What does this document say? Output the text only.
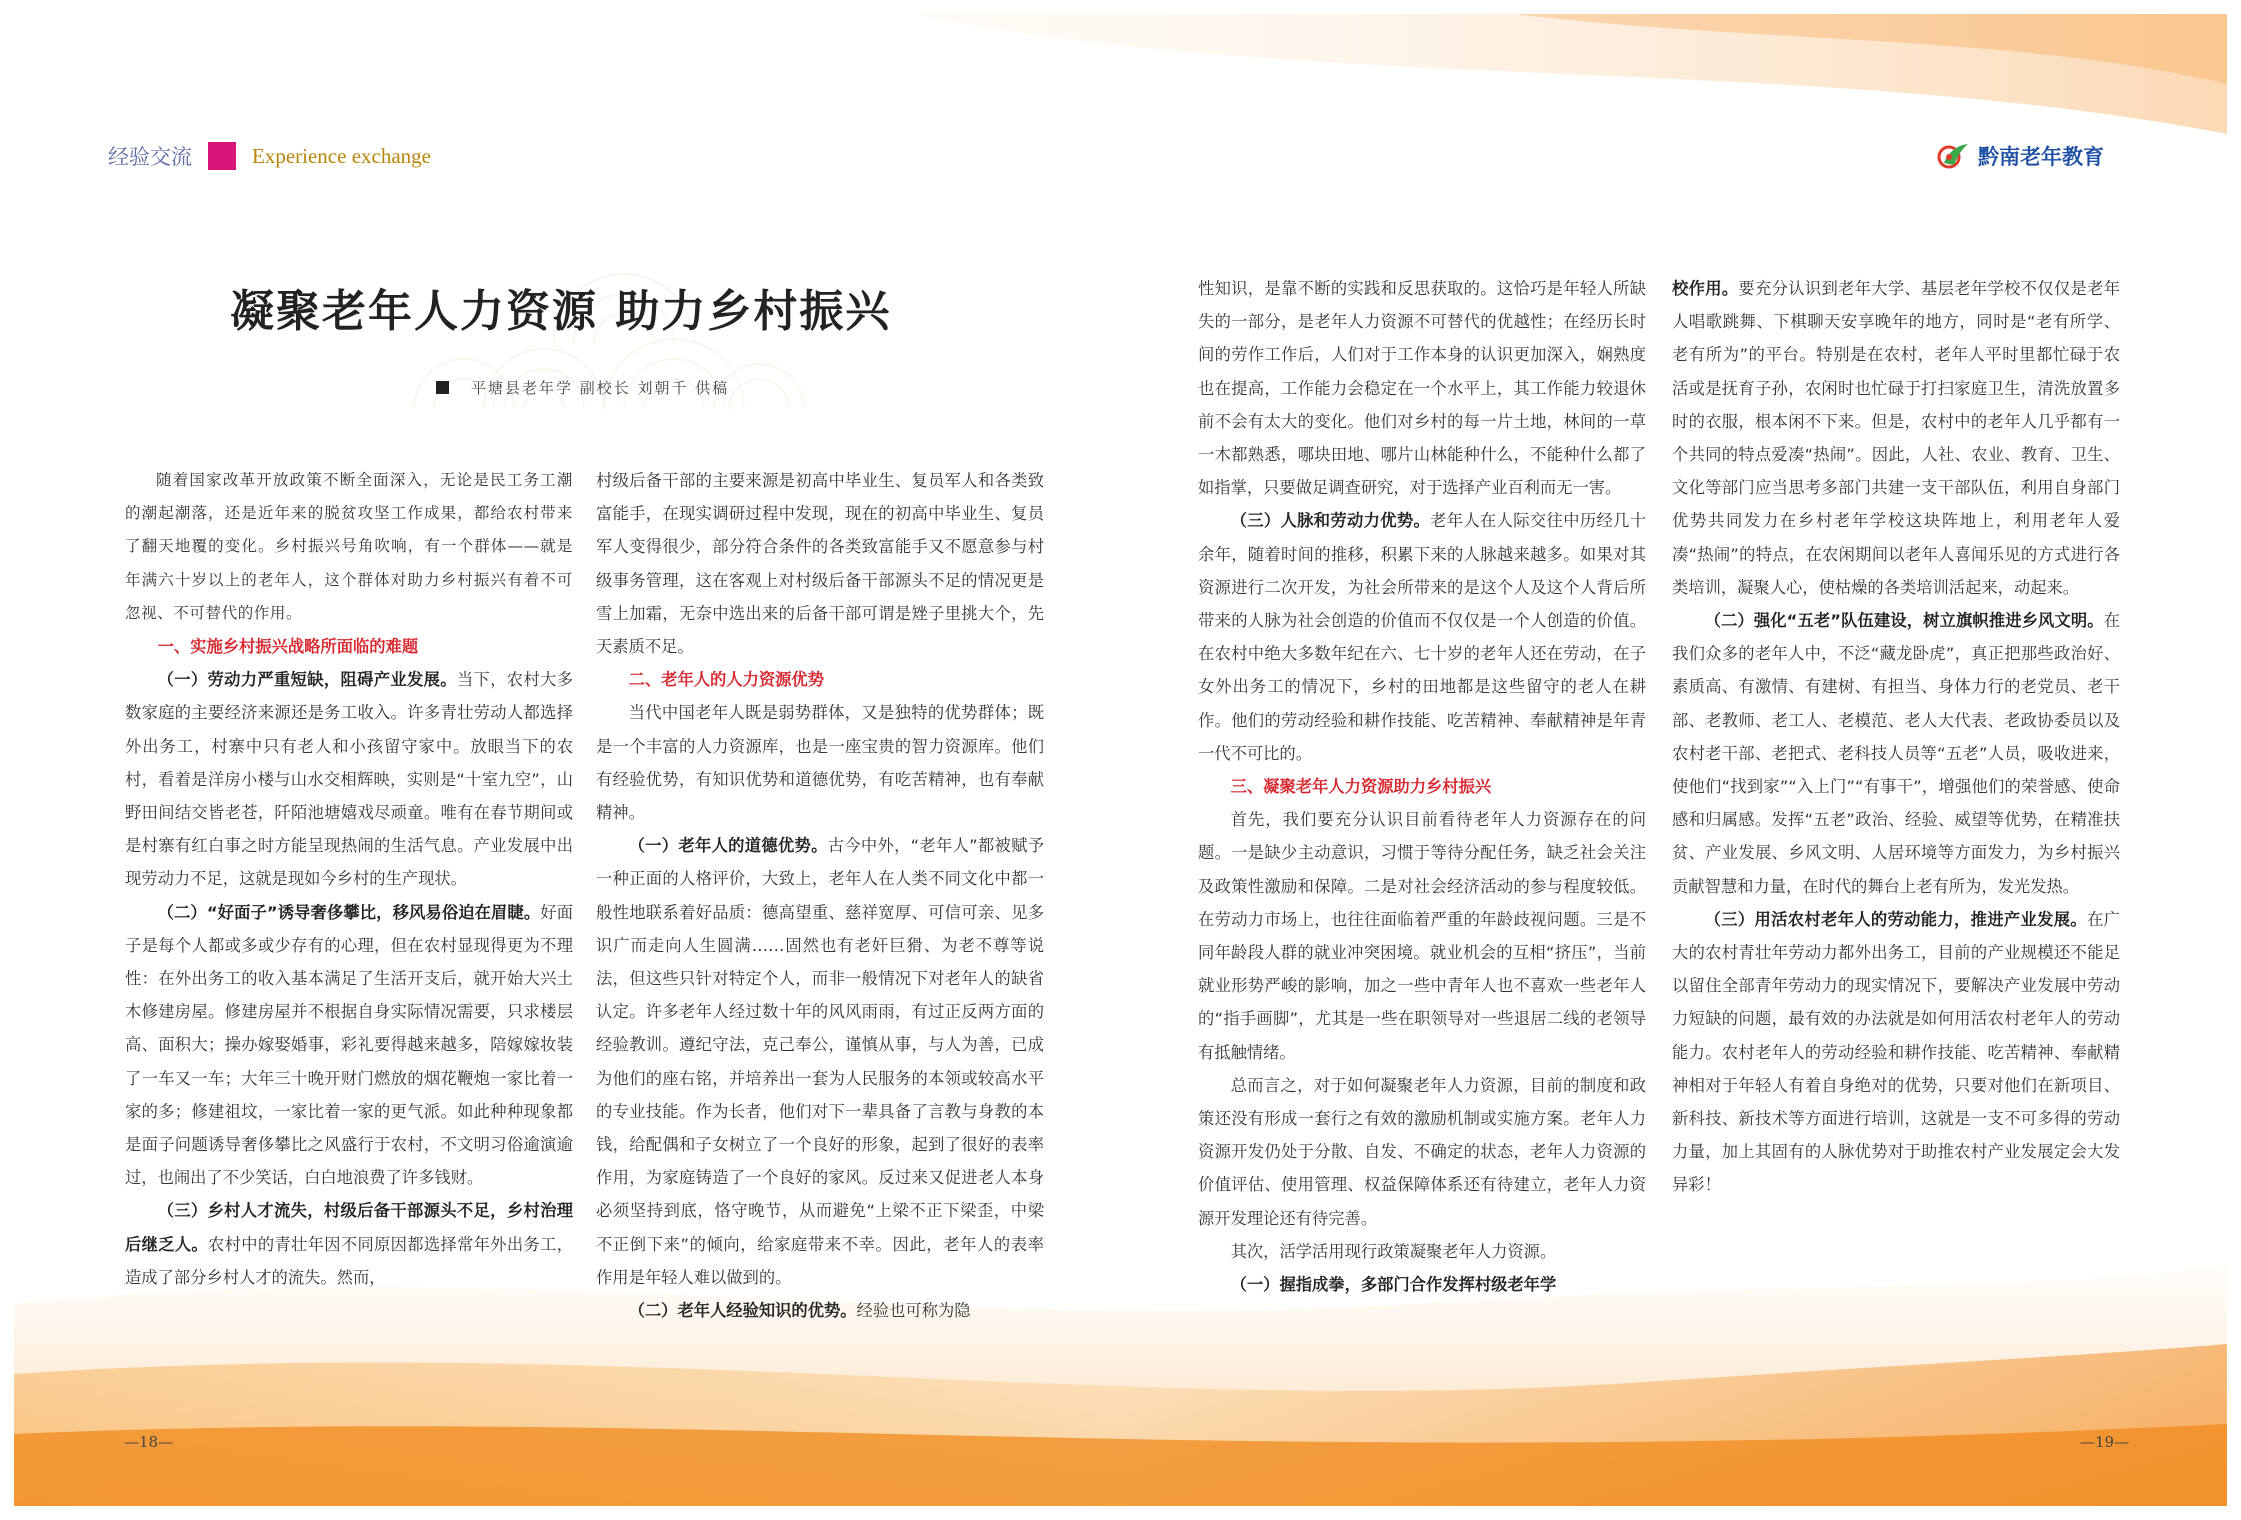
经验交流	Experience exchange	黔南老年教育
凝聚老年人力资源 助力乡村振兴
平塘县老年学 副校长 刘朝千 供稿

随着国家改革开放政策不断全面深入，无论是民工务工潮的潮起潮落，还是近年来的脱贫攻坚工作成果，都给农村带来了翻天地覆的变化。乡村振兴号角吹响，有一个群体——就是年满六十岁以上的老年人，这个群体对助力乡村振兴有着不可忽视、不可替代的作用。

一、实施乡村振兴战略所面临的难题

（一）劳动力严重短缺，阻碍产业发展。当下，农村大多数家庭的主要经济来源还是务工收入。许多青壮劳动人都选择外出务工，村寨中只有老人和小孩留守家中。放眼当下的农村，看着是洋房小楼与山水交相辉映，实则是“十室九空”，山野田间结交皆老苍，阡陌池塘嬉戏尽顽童。唯有在春节期间或是村寨有红白事之时方能呈现热闹的生活气息。产业发展中出现劳动力不足，这就是现如今乡村的生产现状。

（二）“好面子”诱导奢侈攀比，移风易俗迫在眉睫。好面子是每个人都或多或少存有的心理，但在农村显现得更为不理性：在外出务工的收入基本满足了生活开支后，就开始大兴土木修建房屋。修建房屋并不根据自身实际情况需要，只求楼层高、面积大；操办嫁娶婚事，彩礼要得越来越多，陪嫁嫁妆装了一车又一车；大年三十晚开财门燃放的烟花鞭炮一家比着一家的多；修建祖坟，一家比着一家的更气派。如此种种现象都是面子问题诱导奢侈攀比之风盛行于农村，不文明习俗逾演逾过，也闹出了不少笑话，白白地浪费了许多钱财。

（三）乡村人才流失，村级后备干部源头不足，乡村治理后继乏人。农村中的青壮年因不同原因都选择常年外出务工，造成了部分乡村人才的流失。然而，

村级后备干部的主要来源是初高中毕业生、复员军人和各类致富能手，在现实调研过程中发现，现在的初高中毕业生、复员军人变得很少，部分符合条件的各类致富能手又不愿意参与村级事务管理，这在客观上对村级后备干部源头不足的情况更是雪上加霜，无奈中选出来的后备干部可谓是矬子里挑大个，先天素质不足。

二、老年人的人力资源优势

当代中国老年人既是弱势群体，又是独特的优势群体；既是一个丰富的人力资源库，也是一座宝贵的智力资源库。他们有经验优势，有知识优势和道德优势，有吃苦精神，也有奉献精神。

（一）老年人的道德优势。古今中外，“老年人”都被赋予一种正面的人格评价，大致上，老年人在人类不同文化中都一般性地联系着好品质：德高望重、慈祥宽厚、可信可亲、见多识广而走向人生圆满……固然也有老奸巨猾、为老不尊等说法，但这些只针对特定个人，而非一般情况下对老年人的缺省认定。许多老年人经过数十年的风风雨雨，有过正反两方面的经验教训。遵纪守法，克己奉公，谨慎从事，与人为善，已成为他们的座右铭，并培养出一套为人民服务的本领或较高水平的专业技能。作为长者，他们对下一辈具备了言教与身教的本钱，给配偶和子女树立了一个良好的形象，起到了很好的表率作用，为家庭铸造了一个良好的家风。反过来又促进老人本身必须坚持到底，恪守晚节，从而避免“上梁不正下梁歪，中梁不正倒下来”的倾向，给家庭带来不幸。因此，老年人的表率作用是年轻人难以做到的。

（二）老年人经验知识的优势。经验也可称为隐

性知识，是靠不断的实践和反思获取的。这恰巧是年轻人所缺失的一部分，是老年人力资源不可替代的优越性；在经历长时间的劳作工作后，人们对于工作本身的认识更加深入，娴熟度也在提高，工作能力会稳定在一个水平上，其工作能力较退休前不会有太大的变化。他们对乡村的每一片土地，林间的一草一木都熟悉，哪块田地、哪片山林能种什么，不能种什么都了如指掌，只要做足调查研究，对于选择产业百利而无一害。

（三）人脉和劳动力优势。老年人在人际交往中历经几十余年，随着时间的推移，积累下来的人脉越来越多。如果对其资源进行二次开发，为社会所带来的是这个人及这个人背后所带来的人脉为社会创造的价值而不仅仅是一个人创造的价值。在农村中绝大多数年纪在六、七十岁的老年人还在劳动，在子女外出务工的情况下，乡村的田地都是这些留守的老人在耕作。他们的劳动经验和耕作技能、吃苦精神、奉献精神是年青一代不可比的。

三、凝聚老年人力资源助力乡村振兴

首先，我们要充分认识目前看待老年人力资源存在的问题。一是缺少主动意识，习惯于等待分配任务，缺乏社会关注及政策性激励和保障。二是对社会经济活动的参与程度较低。在劳动力市场上，也往往面临着严重的年龄歧视问题。三是不同年龄段人群的就业冲突困境。就业机会的互相“挤压”，当前就业形势严峻的影响，加之一些中青年人也不喜欢一些老年人的“指手画脚”，尤其是一些在职领导对一些退居二线的老领导有抵触情绪。

总而言之，对于如何凝聚老年人力资源，目前的制度和政策还没有形成一套行之有效的激励机制或实施方案。老年人力资源开发仍处于分散、自发、不确定的状态，老年人力资源的价值评估、使用管理、权益保障体系还有待建立，老年人力资源开发理论还有待完善。

其次，活学活用现行政策凝聚老年人力资源。

（一）握指成拳，多部门合作发挥村级老年学

校作用。要充分认识到老年大学、基层老年学校不仅仅是老年人唱歌跳舞、下棋聊天安享晚年的地方，同时是“老有所学、老有所为”的平台。特别是在农村，老年人平时里都忙碌于农活或是抚育子孙，农闲时也忙碌于打扫家庭卫生，清洗放置多时的衣服，根本闲不下来。但是，农村中的老年人几乎都有一个共同的特点爱凑“热闹”。因此，人社、农业、教育、卫生、文化等部门应当思考多部门共建一支干部队伍，利用自身部门优势共同发力在乡村老年学校这块阵地上，利用老年人爱凑“热闹”的特点，在农闲期间以老年人喜闻乐见的方式进行各类培训，凝聚人心，使枯燥的各类培训活起来，动起来。

（二）强化“五老”队伍建设，树立旗帜推进乡风文明。在我们众多的老年人中，不泛“藏龙卧虎”，真正把那些政治好、素质高、有激情、有建树、有担当、身体力行的老党员、老干部、老教师、老工人、老模范、老人大代表、老政协委员以及农村老干部、老把式、老科技人员等“五老”人员，吸收进来，使他们“找到家”“入上门”“有事干”，增强他们的荣誉感、使命感和归属感。发挥“五老”政治、经验、威望等优势，在精准扶贫、产业发展、乡风文明、人居环境等方面发力，为乡村振兴贡献智慧和力量，在时代的舞台上老有所为，发光发热。

（三）用活农村老年人的劳动能力，推进产业发展。在广大的农村青壮年劳动力都外出务工，目前的产业规模还不能足以留住全部青年劳动力的现实情况下，要解决产业发展中劳动力短缺的问题，最有效的办法就是如何用活农村老年人的劳动能力。农村老年人的劳动经验和耕作技能、吃苦精神、奉献精神相对于年轻人有着自身绝对的优势，只要对他们在新项目、新科技、新技术等方面进行培训，这就是一支不可多得的劳动力量，加上其固有的人脉优势对于助推农村产业发展定会大发异彩！

—18—	—19—
